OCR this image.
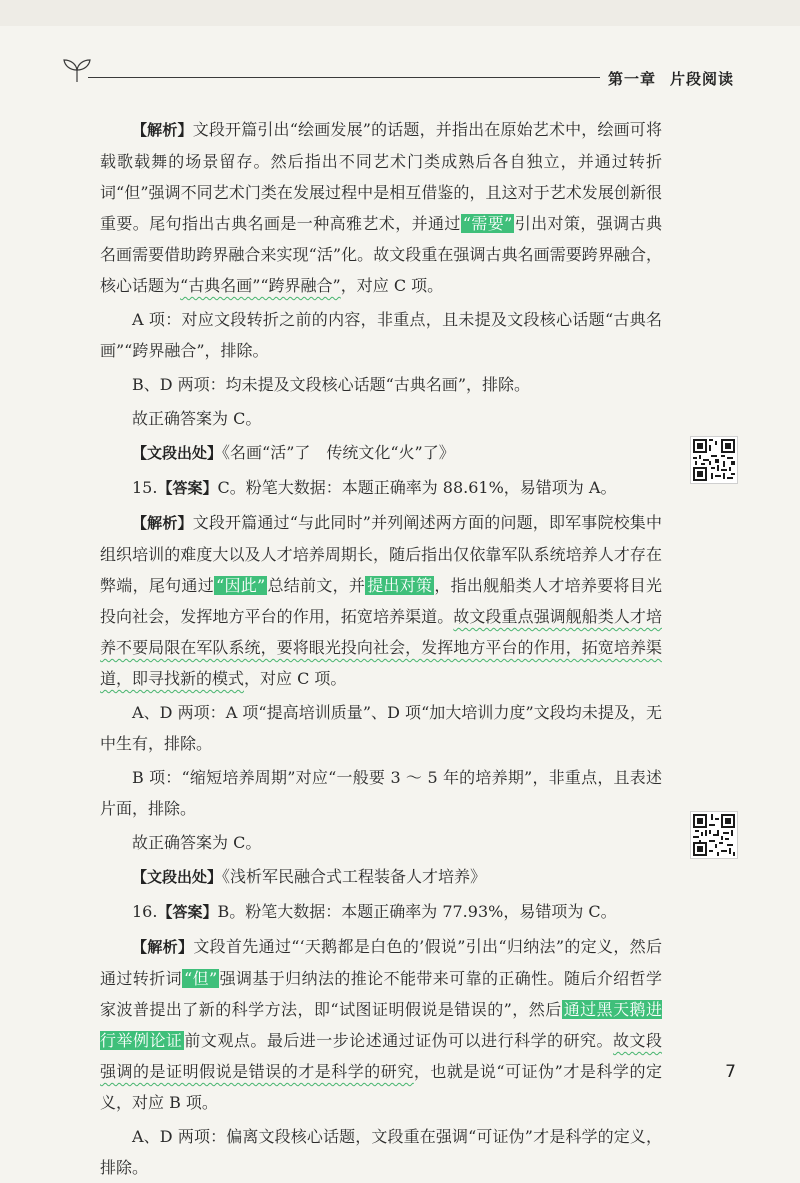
第一章 片段阅读

【解析】文段开篇引出“绘画发展”的话题，并指出在原始艺术中，绘画可将载歌载舞的场景留存。然后指出不同艺术门类成熟后各自独立，并通过转折词“但”强调不同艺术门类在发展过程中是相互借鉴的，且这对于艺术发展创新很重要。尾句指出古典名画是一种高雅艺术，并通过 “需要” 引出对策，强调古典名画需要借助跨界融合来实现“活”化。故文段重在强调古典名画需要跨界融合，核心话题为“古典名画”“跨界融合”，对应 C 项。

A 项：对应文段转折之前的内容，非重点，且未提及文段核心话题“古典名画”“跨界融合”，排除。

B、D 两项：均未提及文段核心话题“古典名画”，排除。

故正确答案为 C。

【文段出处】《名画“活”了　传统文化“火”了》

15.【答案】C。粉笔大数据：本题正确率为 88.61%，易错项为 A。

【解析】文段开篇通过“与此同时”并列阐述两方面的问题，即军事院校集中组织培训的难度大以及人才培养周期长，随后指出仅依靠军队系统培养人才存在弊端，尾句通过 “因此” 总结前文，并 提出对策 ，指出舰船类人才培养要将目光投向社会，发挥地方平台的作用，拓宽培养渠道。故文段重点强调舰船类人才培养不要局限在军队系统，要将眼光投向社会，发挥地方平台的作用，拓宽培养渠道，即寻找新的模式，对应 C 项。

A、D 两项：A 项“提高培训质量”、D 项“加大培训力度”文段均未提及，无中生有，排除。

B 项：“缩短培养周期”对应“一般要 3 ～ 5 年的培养期”，非重点，且表述片面，排除。

故正确答案为 C。

【文段出处】《浅析军民融合式工程装备人才培养》

16.【答案】B。粉笔大数据：本题正确率为 77.93%，易错项为 C。

【解析】文段首先通过“‘天鹅都是白色的’假说”引出“归纳法”的定义，然后通过转折词 “但” 强调基于归纳法的推论不能带来可靠的正确性。随后介绍哲学家波普提出了新的科学方法，即“试图证明假说是错误的”，然后 通过黑天鹅进行举例论证 前文观点。最后进一步论述通过证伪可以进行科学的研究。故文段强调的是证明假说是错误的才是科学的研究，也就是说“可证伪”才是科学的定义，对应 B 项。

A、D 两项：偏离文段核心话题，文段重在强调“可证伪”才是科学的定义，排除。

7
